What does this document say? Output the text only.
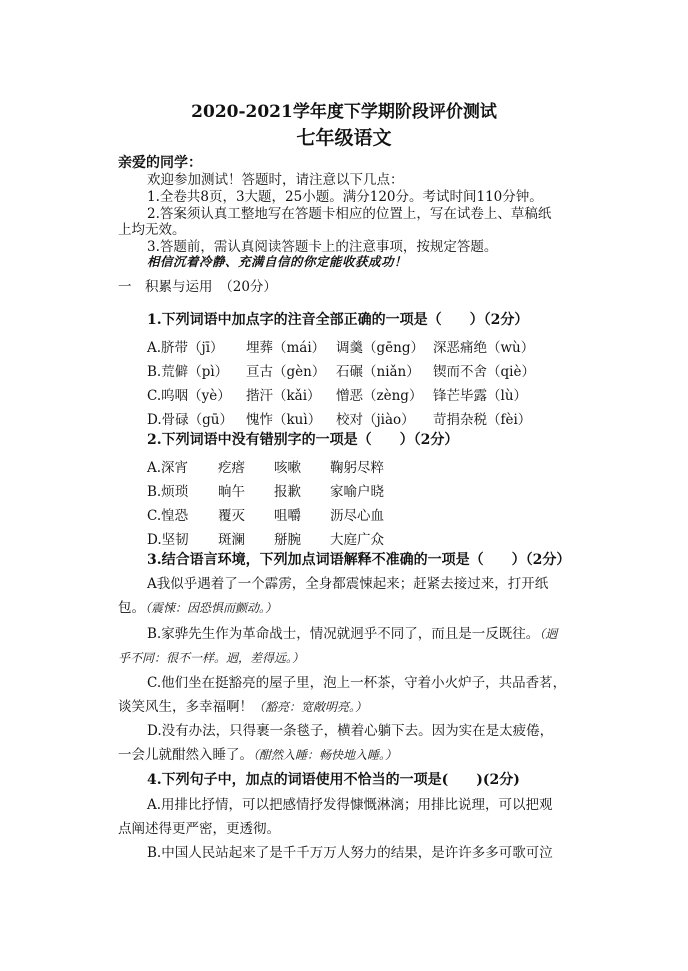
2020-2021学年度下学期阶段评价测试
七年级语文
亲爱的同学：
欢迎参加测试！答题时，请注意以下几点：
1.全卷共8页，3大题，25小题。满分120分。考试时间110分钟。
2.答案须认真工整地写在答题卡相应的位置上，写在试卷上、草稿纸
上均无效。
3.答题前，需认真阅读答题卡上的注意事项，按规定答题。
相信沉着冷静、充满自信的你定能收获成功！
一　积累与运用　（20分）
1.下列词语中加点字的注音全部正确的一项是（　　）（2分）
A.脐带（jī） 埋葬（mái） 调羹（gēng） 深恶痛绝（wù）
B.荒僻（pì） 亘古（gèn） 石碾（niǎn） 锲而不舍（qiè）
C.呜咽（yè） 揩汗（kǎi） 憎恶（zèng） 锋芒毕露（lù）
D.骨碌（gū） 愧怍（kuì） 校对（jiào） 苛捐杂税（fèi）
2.下列词语中没有错别字的一项是（　　）（2分）
A.深宵 疙瘩 咳嗽 鞠躬尽粹
B.烦琐 晌午 报歉 家喻户晓
C.惶恐 覆灭 咀嚼 沥尽心血
D.坚韧 斑澜 掰腕 大庭广众
3.结合语言环境，下列加点词语解释不准确的一项是（　　）（2分）
A我似乎遇着了一个霹雳，全身都震悚起来；赶紧去接过来，打开纸
包。（震悚：因恐惧而颤动。）
B.家骅先生作为革命战士，情况就迥乎不同了，而且是一反既往。（迥
乎不同：很不一样。迥，差得远。）
C.他们坐在挺豁亮的屋子里，泡上一杯茶，守着小火炉子，共品香茗，
谈笑风生，多幸福啊！（豁亮：宽敞明亮。）
D.没有办法，只得裹一条毯子，横着心躺下去。因为实在是太疲倦，
一会儿就酣然入睡了。（酣然入睡：畅快地入睡。）
4.下列句子中，加点的词语使用不恰当的一项是(　　)(2分)
A.用排比抒情，可以把感情抒发得慷慨淋漓；用排比说理，可以把观
点阐述得更严密，更透彻。
B.中国人民站起来了是千千万万人努力的结果，是许许多多可歌可泣
